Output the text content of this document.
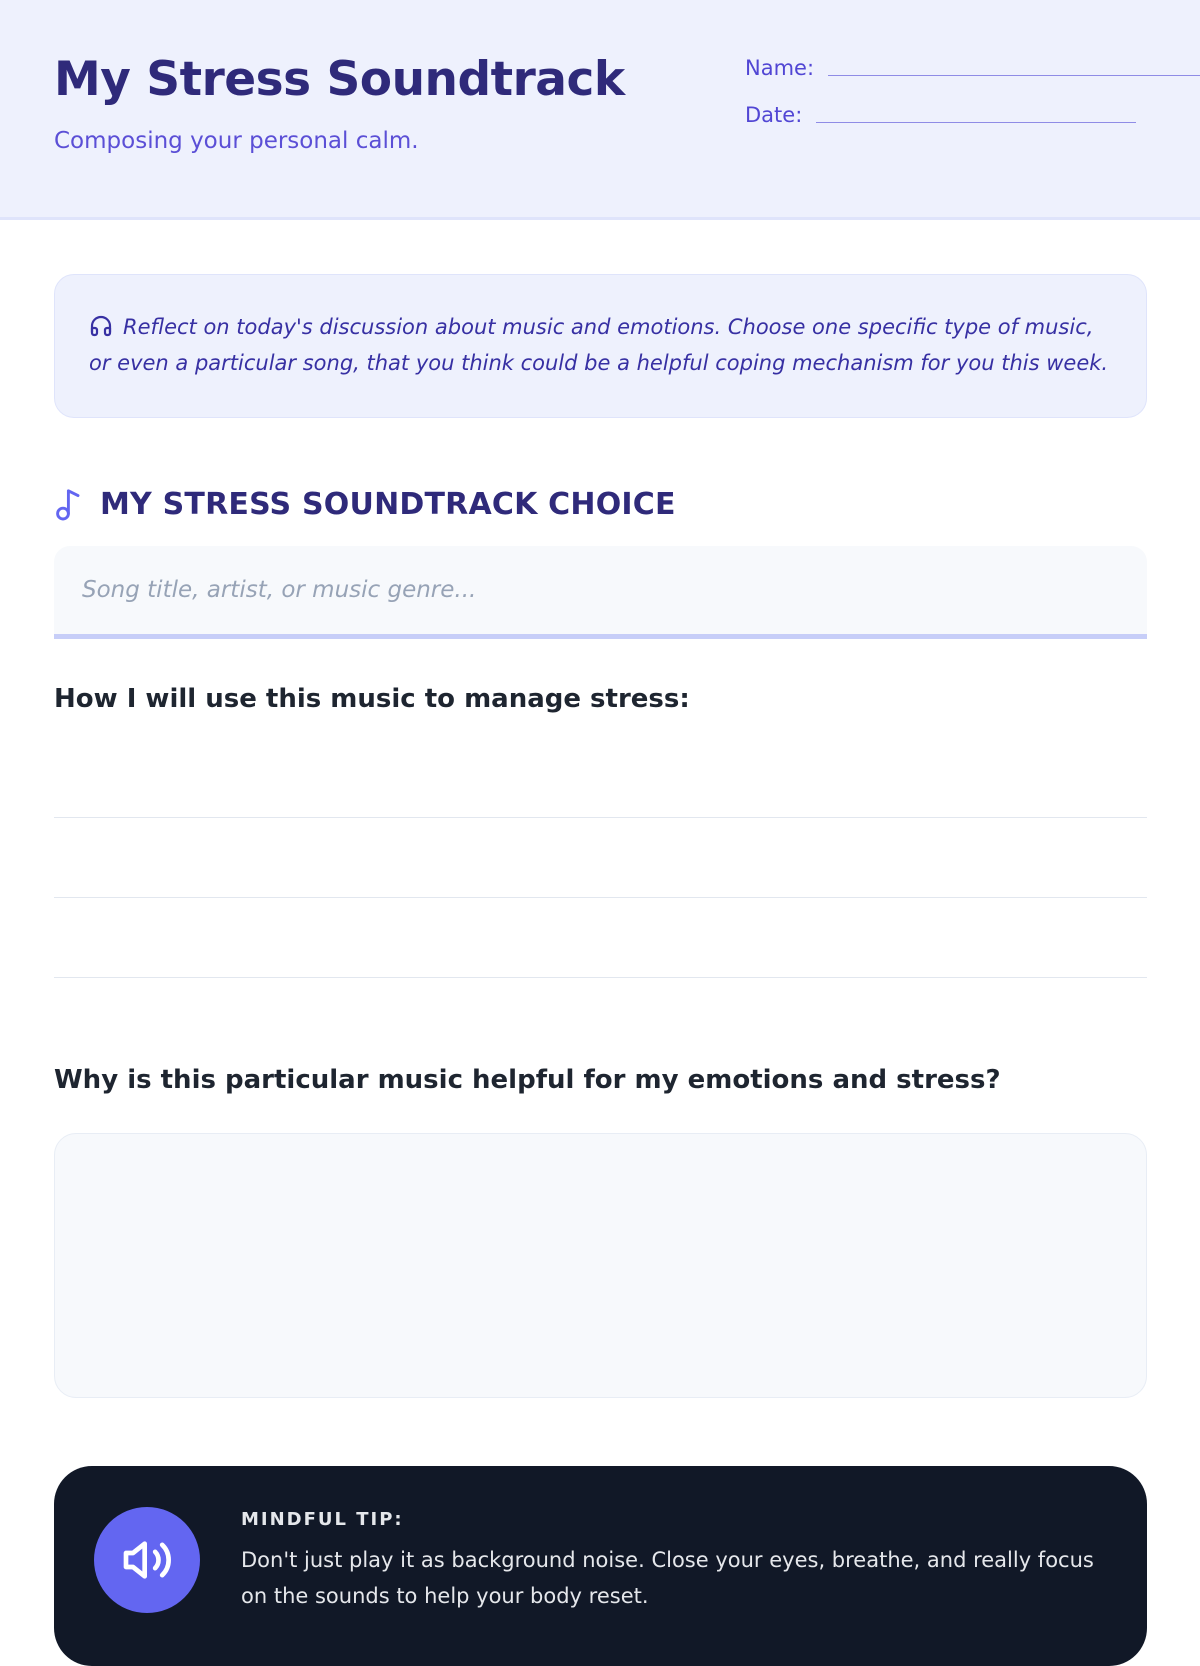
My Stress Soundtrack
Composing your personal calm.
Name:
Date:
Reflect on today's discussion about music and emotions. Choose one specific type of music, or even a particular song, that you think could be a helpful coping mechanism for you this week.
MY STRESS SOUNDTRACK CHOICE
Song title, artist, or music genre...
How I will use this music to manage stress:
Why is this particular music helpful for my emotions and stress?
MINDFUL TIP:
Don't just play it as background noise. Close your eyes, breathe, and really focus on the sounds to help your body reset.
